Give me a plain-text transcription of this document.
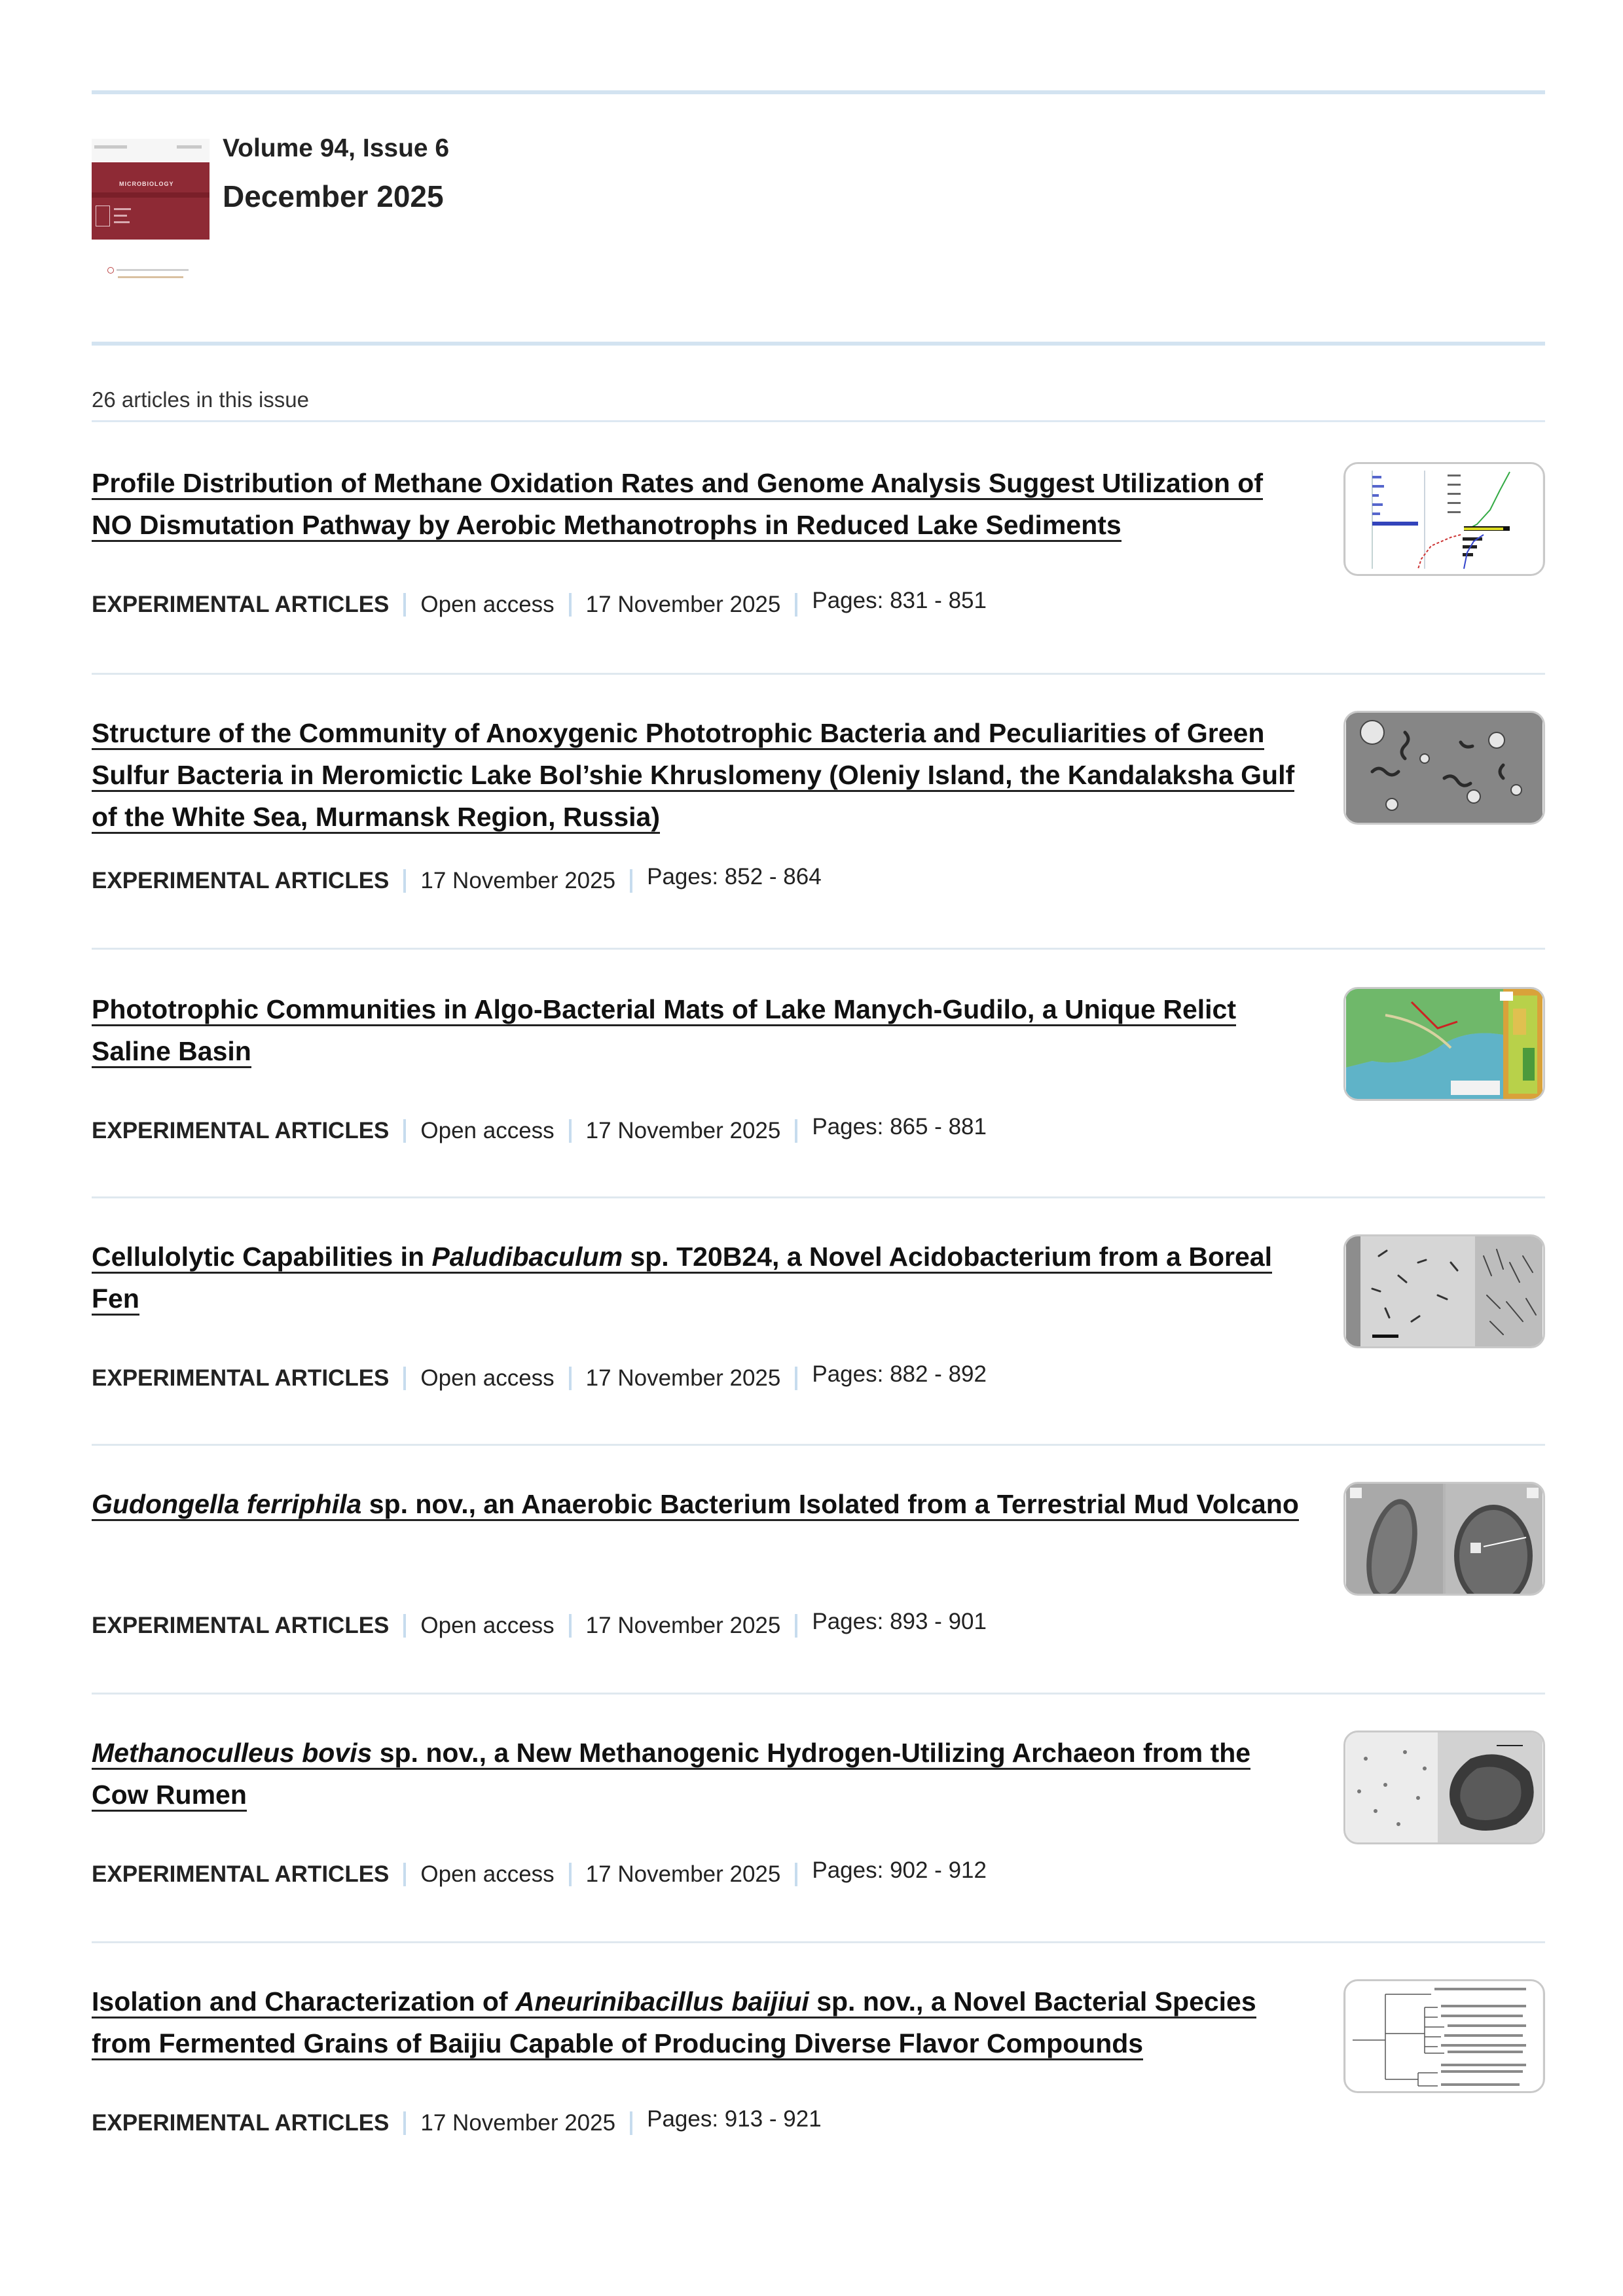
MICROBIOLOGY
Volume 94, Issue 6
December 2025
26 articles in this issue
Profile Distribution of Methane Oxidation Rates and Genome Analysis Suggest Utilization of NO Dismutation Pathway by Aerobic Methanotrophs in Reduced Lake Sediments
EXPERIMENTAL ARTICLES Open access 17 November 2025 Pages: 831 - 851
Structure of the Community of Anoxygenic Phototrophic Bacteria and Peculiarities of Green Sulfur Bacteria in Meromictic Lake Bol’shie Khruslomeny (Oleniy Island, the Kandalaksha Gulf of the White Sea, Murmansk Region, Russia)
EXPERIMENTAL ARTICLES 17 November 2025 Pages: 852 - 864
Phototrophic Communities in Algo-Bacterial Mats of Lake Manych-Gudilo, a Unique Relict Saline Basin
EXPERIMENTAL ARTICLES Open access 17 November 2025 Pages: 865 - 881
Cellulolytic Capabilities in Paludibaculum sp. T20B24, a Novel Acidobacterium from a Boreal Fen
EXPERIMENTAL ARTICLES Open access 17 November 2025 Pages: 882 - 892
Gudongella ferriphila sp. nov., an Anaerobic Bacterium Isolated from a Terrestrial Mud Volcano
EXPERIMENTAL ARTICLES Open access 17 November 2025 Pages: 893 - 901
Methanoculleus bovis sp. nov., a New Methanogenic Hydrogen-Utilizing Archaeon from the Cow Rumen
EXPERIMENTAL ARTICLES Open access 17 November 2025 Pages: 902 - 912
Isolation and Characterization of Aneurinibacillus baijiui sp. nov., a Novel Bacterial Species from Fermented Grains of Baijiu Capable of Producing Diverse Flavor Compounds
EXPERIMENTAL ARTICLES 17 November 2025 Pages: 913 - 921
